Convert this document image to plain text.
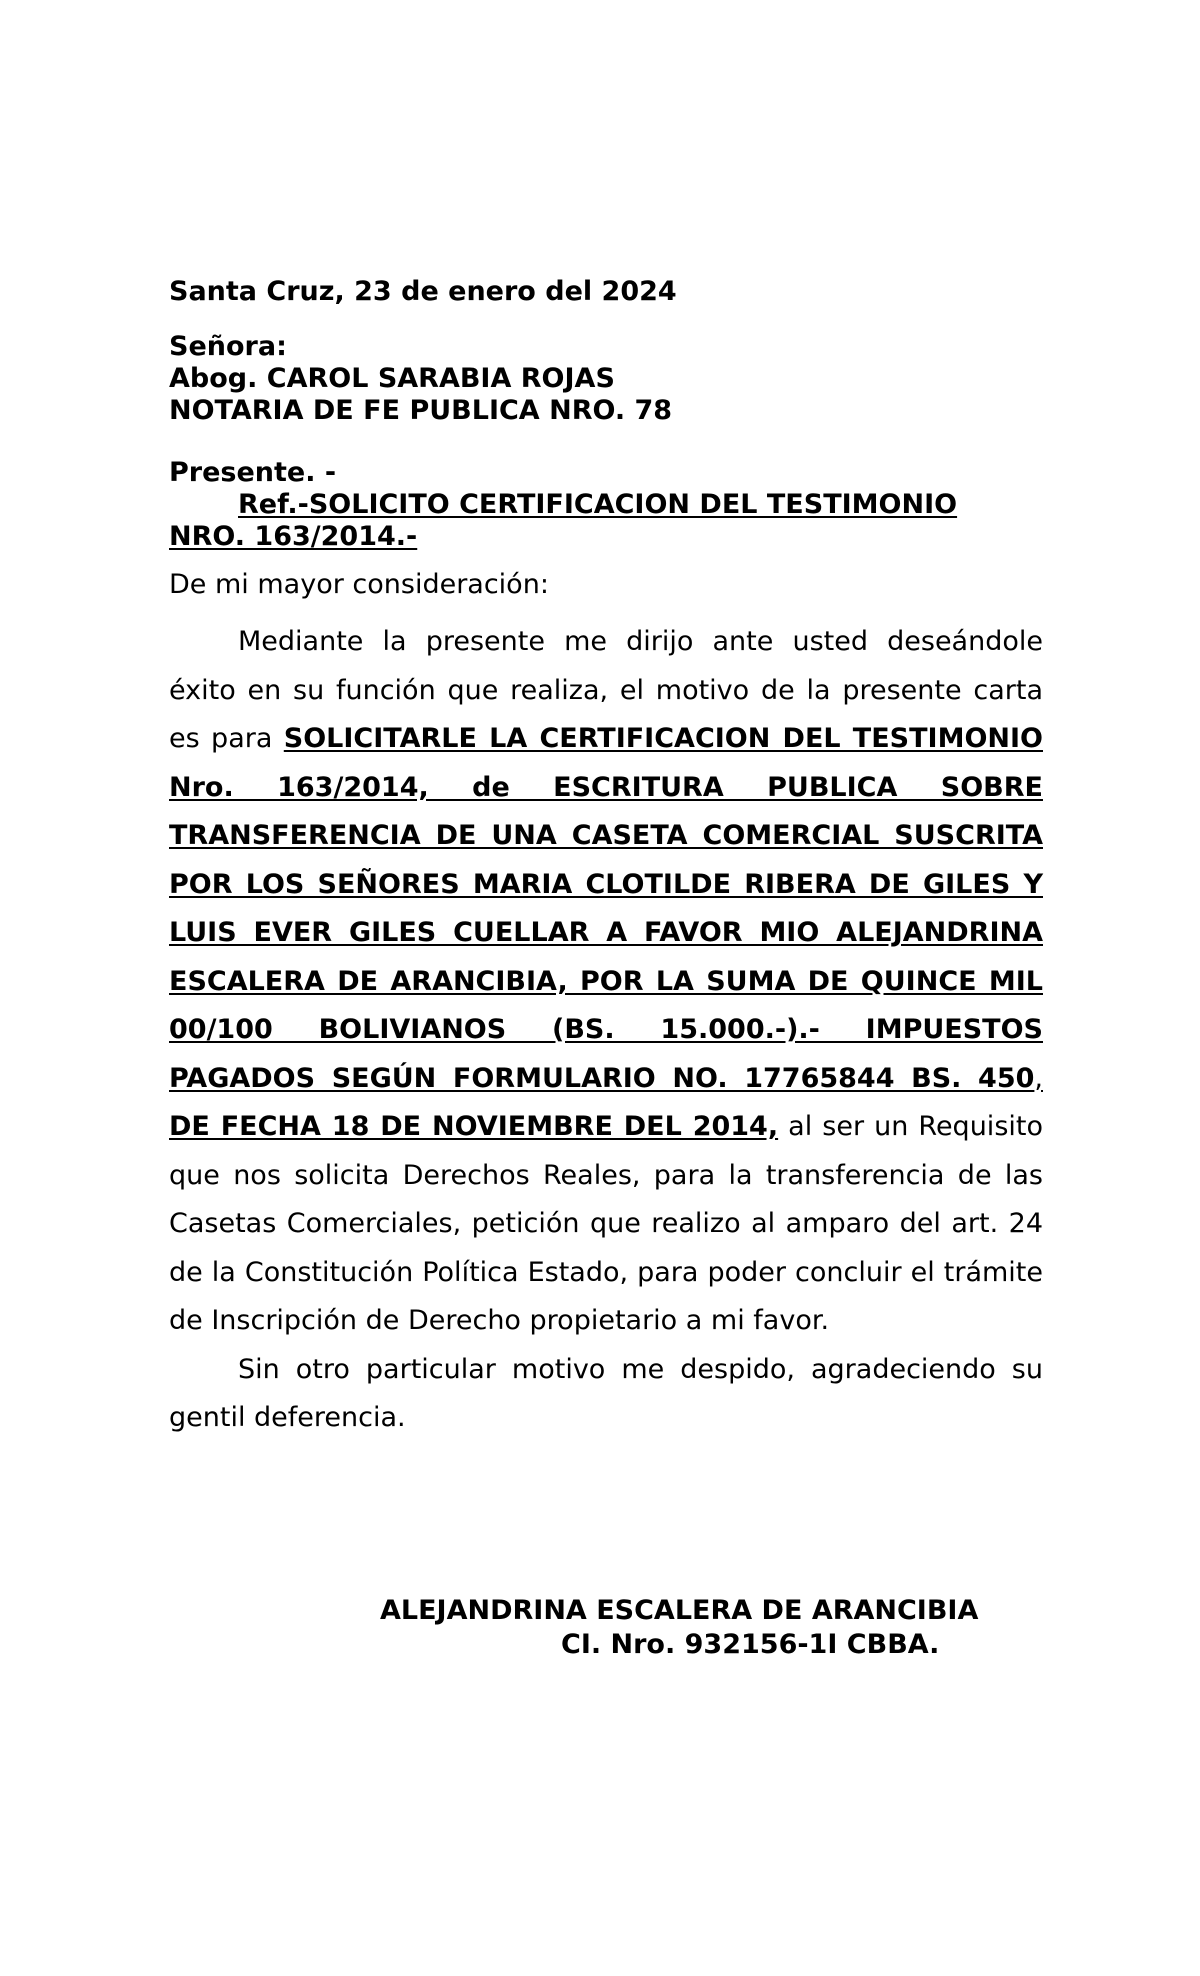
Santa Cruz, 23 de enero del 2024

Señora:

Abog. CAROL SARABIA ROJAS

NOTARIA DE FE PUBLICA NRO. 78

Presente. -

Ref.-SOLICITO CERTIFICACION DEL TESTIMONIO

NRO. 163/2014.-

De mi mayor consideración:

Mediante la presente me dirijo ante usted deseándole éxito en su función que realiza, el motivo de la presente carta es para SOLICITARLE LA CERTIFICACION DEL TESTIMONIO Nro. 163/2014, de ESCRITURA PUBLICA SOBRE TRANSFERENCIA DE UNA CASETA COMERCIAL SUSCRITA POR LOS SEÑORES MARIA CLOTILDE RIBERA DE GILES Y LUIS EVER GILES CUELLAR A FAVOR MIO ALEJANDRINA ESCALERA DE ARANCIBIA, POR LA SUMA DE QUINCE MIL 00/100 BOLIVIANOS (BS. 15.000.-).- IMPUESTOS PAGADOS SEGÚN FORMULARIO NO. 17765844 BS. 450, DE FECHA 18 DE NOVIEMBRE DEL 2014, al ser un Requisito que nos solicita Derechos Reales, para la transferencia de las Casetas Comerciales, petición que realizo al amparo del art. 24 de la Constitución Política Estado, para poder concluir el trámite de Inscripción de Derecho propietario a mi favor.

Sin otro particular motivo me despido, agradeciendo su gentil deferencia.

ALEJANDRINA ESCALERA DE ARANCIBIA
CI. Nro. 932156-1I CBBA.
